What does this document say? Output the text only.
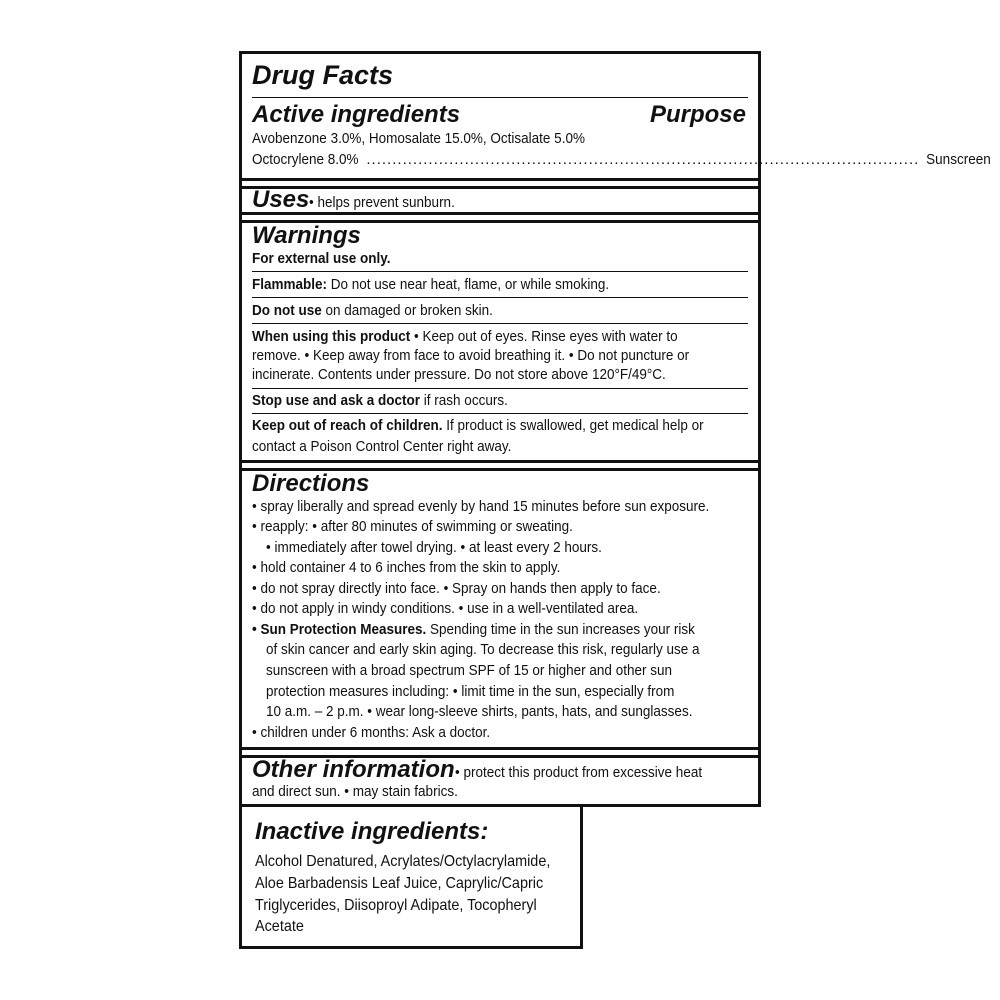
Drug Facts
Active ingredients	Purpose
Avobenzone 3.0%, Homosalate 15.0%, Octisalate 5.0%
Octocrylene 8.0% ........................................................................................................... Sunscreen
Uses• helps prevent sunburn.
Warnings
For external use only.
Flammable: Do not use near heat, flame, or while smoking.
Do not use on damaged or broken skin.
When using this product • Keep out of eyes. Rinse eyes with water to
remove. • Keep away from face to avoid breathing it. • Do not puncture or
incinerate. Contents under pressure. Do not store above 120°F/49°C.
Stop use and ask a doctor if rash occurs.
Keep out of reach of children. If product is swallowed, get medical help or
contact a Poison Control Center right away.
Directions
• spray liberally and spread evenly by hand 15 minutes before sun exposure.
• reapply: • after 80 minutes of swimming or sweating.
• immediately after towel drying. • at least every 2 hours.
• hold container 4 to 6 inches from the skin to apply.
• do not spray directly into face. • Spray on hands then apply to face.
• do not apply in windy conditions. • use in a well-ventilated area.
• Sun Protection Measures. Spending time in the sun increases your risk
of skin cancer and early skin aging. To decrease this risk, regularly use a
sunscreen with a broad spectrum SPF of 15 or higher and other sun
protection measures including: • limit time in the sun, especially from
10 a.m. – 2 p.m. • wear long-sleeve shirts, pants, hats, and sunglasses.
• children under 6 months: Ask a doctor.
Other information• protect this product from excessive heat
and direct sun. • may stain fabrics.
Inactive ingredients:
Alcohol Denatured, Acrylates/Octylacrylamide,
Aloe Barbadensis Leaf Juice, Caprylic/Capric
Triglycerides, Diisoproyl Adipate, Tocopheryl
Acetate
